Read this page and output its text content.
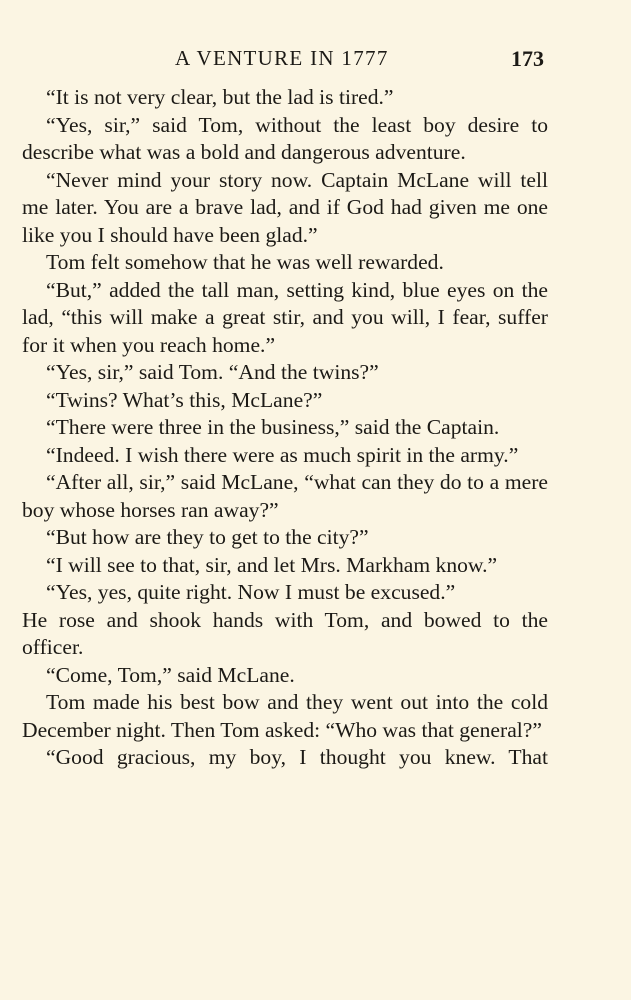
A VENTURE IN 1777	173

“It is not very clear, but the lad is tired.”

“Yes, sir,” said Tom, without the least boy desire to describe what was a bold and dangerous adventure.

“Never mind your story now. Captain McLane will tell me later. You are a brave lad, and if God had given me one like you I should have been glad.”

Tom felt somehow that he was well rewarded.

“But,” added the tall man, setting kind, blue eyes on the lad, “this will make a great stir, and you will, I fear, suffer for it when you reach home.”

“Yes, sir,” said Tom. “And the twins?”

“Twins? What’s this, McLane?”

“There were three in the business,” said the Captain.

“Indeed. I wish there were as much spirit in the army.”

“After all, sir,” said McLane, “what can they do to a mere boy whose horses ran away?”

“But how are they to get to the city?”

“I will see to that, sir, and let Mrs. Markham know.”

“Yes, yes, quite right. Now I must be excused.”

He rose and shook hands with Tom, and bowed to the officer.

“Come, Tom,” said McLane.

Tom made his best bow and they went out into the cold December night. Then Tom asked: “Who was that general?”

“Good gracious, my boy, I thought you knew. That
